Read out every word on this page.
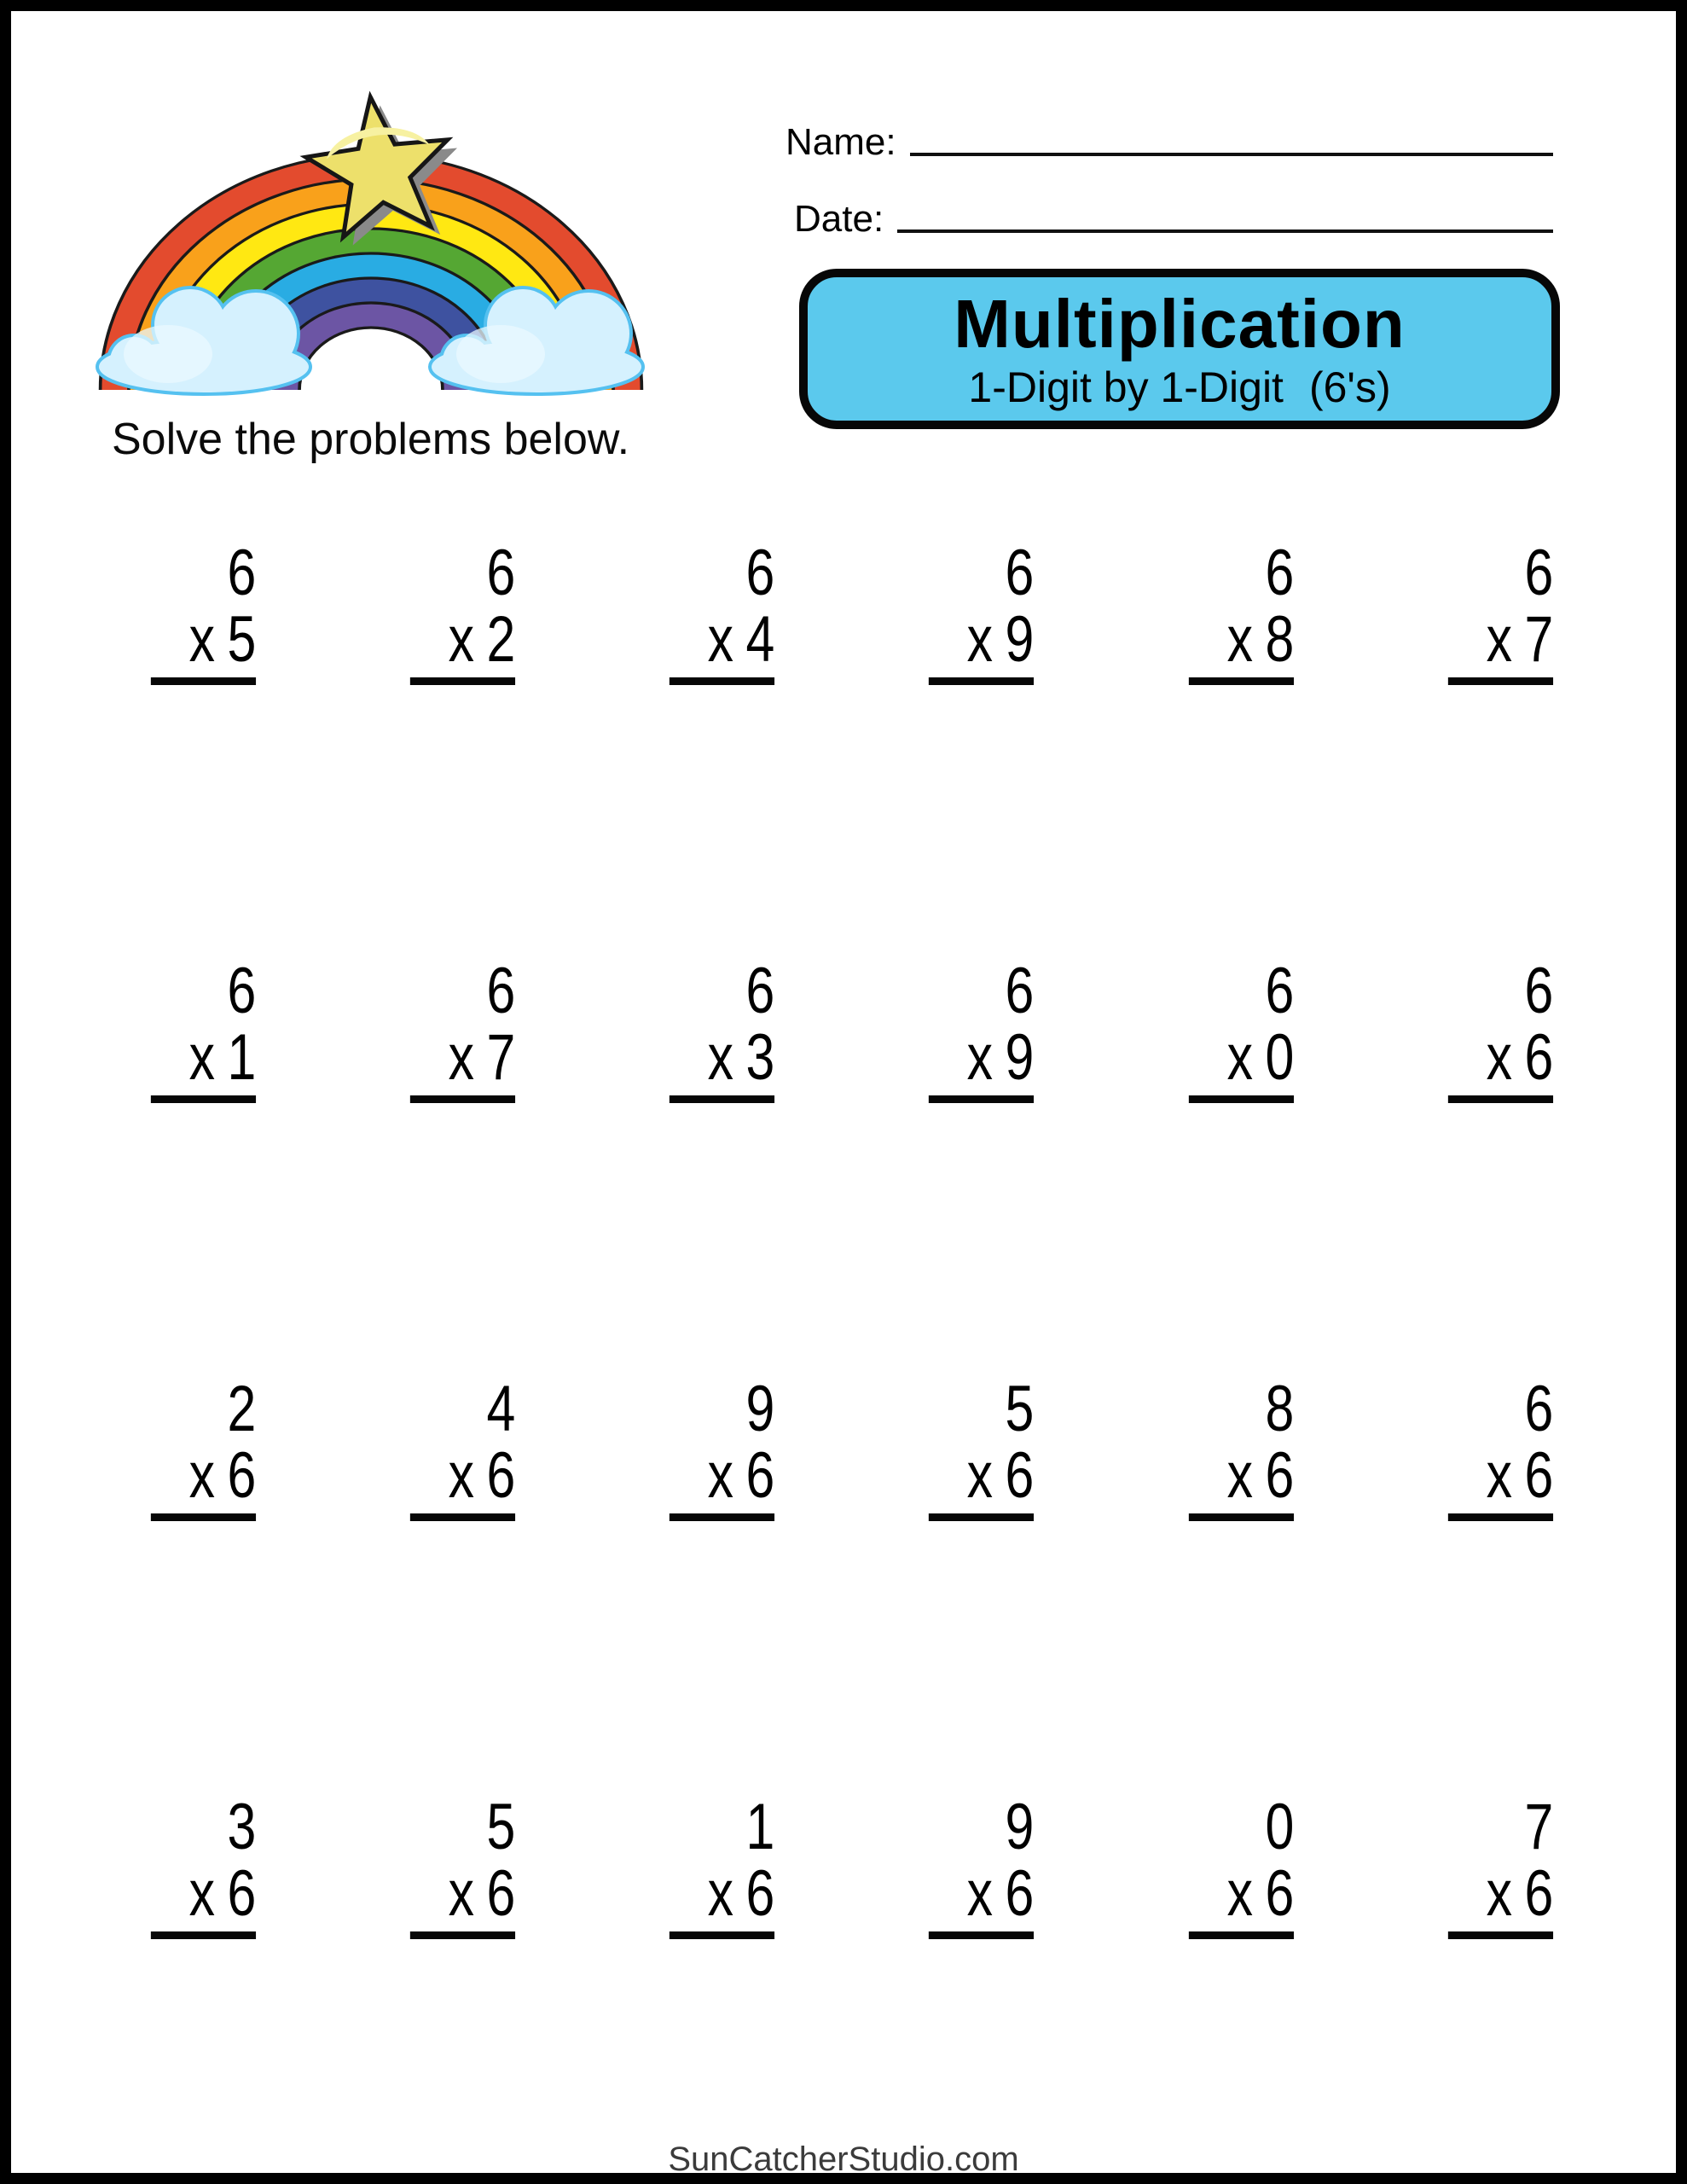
Solve the problems below.
Name:
Date:
Multiplication
1-Digit by 1-Digit (6's)
6
x 5
6
x 2
6
x 4
6
x 9
6
x 8
6
x 7
6
x 1
6
x 7
6
x 3
6
x 9
6
x 0
6
x 6
2
x 6
4
x 6
9
x 6
5
x 6
8
x 6
6
x 6
3
x 6
5
x 6
1
x 6
9
x 6
0
x 6
7
x 6
SunCatcherStudio.com
